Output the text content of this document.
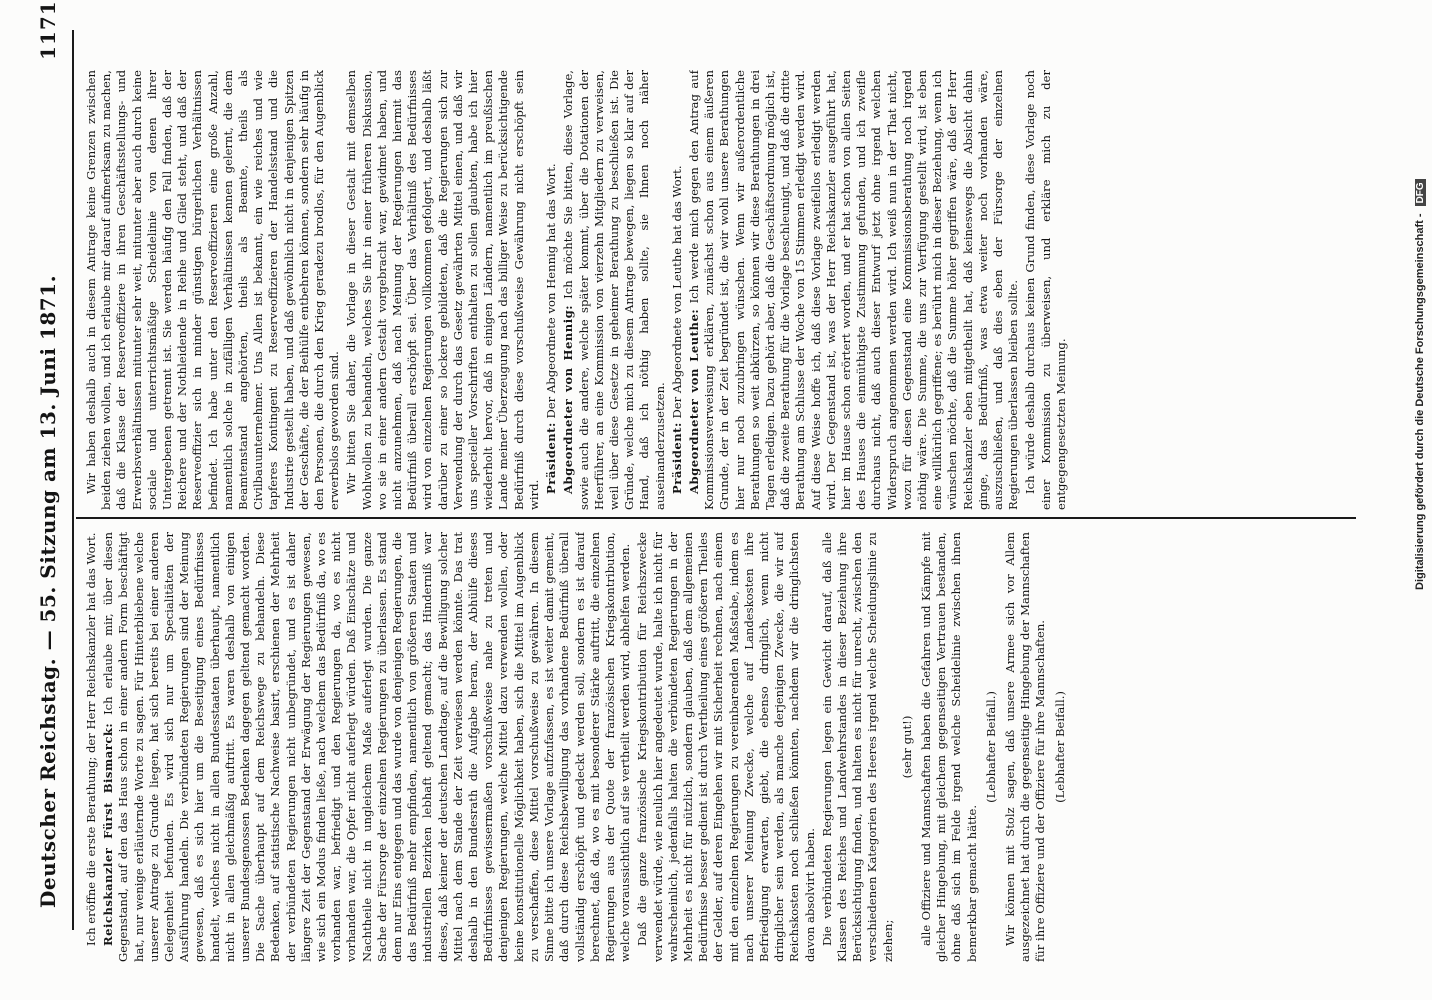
Deutscher Reichstag. — 55. Sitzung am 13. Juni 1871.
1171

Ich eröffne die erste Berathung; der Herr Reichskanzler hat das Wort. Reichskanzler Fürst Bismarck: Ich erlaube mir, über diesen Gegenstand, auf den das Haus schon in einer andern Form beschäftigt hat, nur wenige erläuternde Worte zu sagen. Für Hinterbliebene welche unserer Antrage zu Grunde liegen, hat sich bereits bei einer anderen Gelegenheit befunden. Es wird sich nur um Specialitäten der Ausführung handeln. Die verbündeten Regierungen sind der Meinung gewesen, daß es sich hier um die Beseitigung eines Bedürfnisses handelt, welches nicht in allen Bundesstaaten überhaupt, namentlich nicht in allen gleichmäßig auftritt. Es waren deshalb von einigen unserer Bundesgenossen Bedenken dagegen geltend gemacht worden. Die Sache überhaupt auf dem Reichswege zu behandeln. Diese Bedenken, auf statistische Nachweise basirt, erschienen der Mehrheit der verbündeten Regierungen nicht unbegründet, und es ist daher längere Zeit der Gegenstand der Erwägung der Regierungen gewesen, wie sich ein Modus finden ließe, nach welchem das Bedürfniß da, wo es vorhanden war, befriedigt und den Regierungen da, wo es nicht vorhanden war, die Opfer nicht auferlegt würden. Daß Einschätze und Nachtheile nicht in ungleichem Maße auferlegt wurden. Die ganze Sache der Fürsorge der einzelnen Regierungen zu überlassen. Es stand dem nur Eins entgegen und das wurde von denjenigen Regierungen, die das Bedürfniß mehr empfinden, namentlich von größeren Staaten und industriellen Bezirken lebhaft geltend gemacht; das Hinderniß war dieses, daß keiner der deutschen Landtage, auf die Bewilligung solcher Mittel nach dem Stande der Zeit verwiesen werden könnte. Das trat deshalb in den Bundesrath die Aufgabe heran, der Abhülfe dieses Bedürfnisses gewissermaßen vorschußweise nahe zu treten und denjenigen Regierungen, welche Mittel dazu verwenden wollen, oder keine konstitutionelle Möglichkeit haben, sich die Mittel im Augenblick zu verschaffen, diese Mittel vorschußweise zu gewähren. In diesem Sinne bitte ich unsere Vorlage aufzufassen, es ist weiter damit gemeint, daß durch diese Reichsbewilligung das vorhandene Bedürfniß überall vollständig erschöpft und gedeckt werden soll, sondern es ist darauf berechnet, daß da, wo es mit besonderer Stärke auftritt, die einzelnen Regierungen aus der Quote der französischen Kriegskontribution, welche voraussichtlich auf sie vertheilt werden wird, abhelfen werden. Daß die ganze französische Kriegskontribution für Reichszwecke verwendet würde, wie neulich hier angedeutet wurde, halte ich nicht für wahrscheinlich, jedenfalls halten die verbündeten Regierungen in der Mehrheit es nicht für nützlich, sondern glauben, daß dem allgemeinen Bedürfnisse besser gedient ist durch Vertheilung eines größeren Theiles der Gelder, auf deren Eingehen wir mit Sicherheit rechnen, nach einem mit den einzelnen Regierungen zu vereinbarenden Maßstabe, indem es nach unserer Meinung Zwecke, welche auf Landeskosten ihre Befriedigung erwarten, giebt, die ebenso dringlich, wenn nicht dringlicher sein werden, als manche derjenigen Zwecke, die wir auf Reichskosten noch schließen könnten, nachdem wir die dringlichsten davon absolvirt haben. Die verbündeten Regierungen legen ein Gewicht darauf, daß alle Klassen des Reiches und Landwehrstandes in dieser Beziehung ihre Berücksichtigung finden, und halten es nicht für unrecht, zwischen den verschiedenen Kategorien des Heeres irgend welche Scheidungslinie zu ziehen;

(sehr gut!) alle Offiziere und Mannschaften haben die Gefahren und Kämpfe mit gleicher Hingebung, mit gleichem gegenseitigen Vertrauen bestanden, ohne daß sich im Felde irgend welche Scheidelinie zwischen ihnen bemerkbar gemacht hätte.

(Lebhafter Beifall.) Wir können mit Stolz sagen, daß unsere Armee sich vor Allem ausgezeichnet hat durch die gegenseitige Hingebung der Mannschaften für ihre Offiziere und der Offiziere für ihre Mannschaften. (Lebhafter Beifall.)

Wir haben deshalb auch in diesem Antrage keine Grenzen zwischen beiden ziehen wollen, und ich erlaube mir darauf aufmerksam zu machen, daß die Klasse der Reserveoffiziere in ihren Geschäftsstellungs- und Erwerbsverhältnissen mitunter sehr weit, mitunter aber auch durch keine sociale und unterrichtsmäßige Scheidelinie von denen ihrer Untergebenen getrennt ist. Sie werden häufig den Fall finden, daß der Reichere und der Nothleidende in Reihe und Glied steht, und daß der Reserveoffizier sich in minder günstigen bürgerlichen Verhältnissen befindet. Ich habe unter den Reserveoffizieren eine große Anzahl, namentlich solche in zufälligen Verhältnissen kennen gelernt, die dem Beamtenstand angehörten, theils als Beamte, theils als Civilbauunternehmer. Uns Allen ist bekannt, ein wie reiches und wie tapferes Kontingent zu Reserveoffizieren der Handelsstand und die Industrie gestellt haben, und daß gewöhnlich nicht in denjenigen Spitzen der Geschäfte, die der Beihülfe entbehren können, sondern sehr häufig in den Personen, die durch den Krieg geradezu brodlos, für den Augenblick erwerbslos geworden sind. Wir bitten Sie daher, die Vorlage in dieser Gestalt mit demselben Wohlwollen zu behandeln, welches Sie ihr in einer früheren Diskussion, wo sie in einer andern Gestalt vorgebracht war, gewidmet haben, und nicht anzunehmen, daß nach Meinung der Regierungen hiermit das Bedürfniß überall erschöpft sei. Über das Verhältniß des Bedürfnisses wird von einzelnen Regierungen vollkommen gefolgert, und deshalb läßt darüber zu einer so lockere gebildeten, daß die Regierungen sich zur Verwendung der durch das Gesetz gewährten Mittel einen, und daß wir uns specieller Vorschriften enthalten zu sollen glaubten, habe ich hier wiederholt hervor, daß in einigen Ländern, namentlich im preußischen Lande meiner Überzeugung nach das billiger Weise zu berücksichtigende Bedürfniß durch diese vorschußweise Gewährung nicht erschöpft sein wird.

Präsident: Der Abgeordnete von Hennig hat das Wort. Abgeordneter von Hennig: Ich möchte Sie bitten, diese Vorlage, sowie auch die andere, welche später kommt, über die Dotationen der Heerführer, an eine Kommission von vierzehn Mitgliedern zu verweisen, weil über diese Gesetze in geheimer Berathung zu beschließen ist. Die Gründe, welche mich zu diesem Antrage bewegen, liegen so klar auf der Hand, daß ich nöthig haben sollte, sie Ihnen noch näher auseinanderzusetzen. Präsident: Der Abgeordnete von Leuthe hat das Wort. Abgeordneter von Leuthe: Ich werde mich gegen den Antrag auf Kommissionsverweisung erklären, zunächst schon aus einem äußeren Grunde, der in der Zeit begründet ist, die wir wohl unsere Berathungen hier nur noch zuzubringen wünschen. Wenn wir außerordentliche Berathungen so weit abkürzen, so können wir diese Berathungen in drei Tagen erledigen. Dazu gehört aber, daß die Geschäftsordnung möglich ist, daß die zweite Berathung für die Vorlage beschleunigt, und daß die dritte Berathung am Schlusse der Woche von 15 Stimmen erledigt werden wird. Auf diese Weise hoffe ich, daß diese Vorlage zweifellos erledigt werden wird. Der Gegenstand ist, was der Herr Reichskanzler ausgeführt hat, hier im Hause schon erörtert worden, und er hat schon von allen Seiten des Hauses die einmüthigste Zustimmung gefunden, und ich zweifle durchaus nicht, daß auch dieser Entwurf jetzt ohne irgend welchen Widerspruch angenommen werden wird. Ich weiß nun in der That nicht, wozu für diesen Gegenstand eine Kommissionsberathung noch irgend nöthig wäre. Die Summe, die uns zur Verfügung gestellt wird, ist eben eine willkürlich gegriffene; es berührt mich in dieser Beziehung, wenn ich wünschen möchte, daß die Summe höher gegriffen wäre, daß der Herr Reichskanzler eben mitgetheilt hat, daß keineswegs die Absicht dahin ginge, das Bedürfniß, was etwa weiter noch vorhanden wäre, auszuschließen, und daß dies eben der Fürsorge der einzelnen Regierungen überlassen bleiben sollte. Ich würde deshalb durchaus keinen Grund finden, diese Vorlage noch einer Kommission zu überweisen, und erkläre mich zu der entgegengesetzten Meinung.	Digitalisierung gefördert durch die Deutsche Forschungsgemeinschaft - DFG
